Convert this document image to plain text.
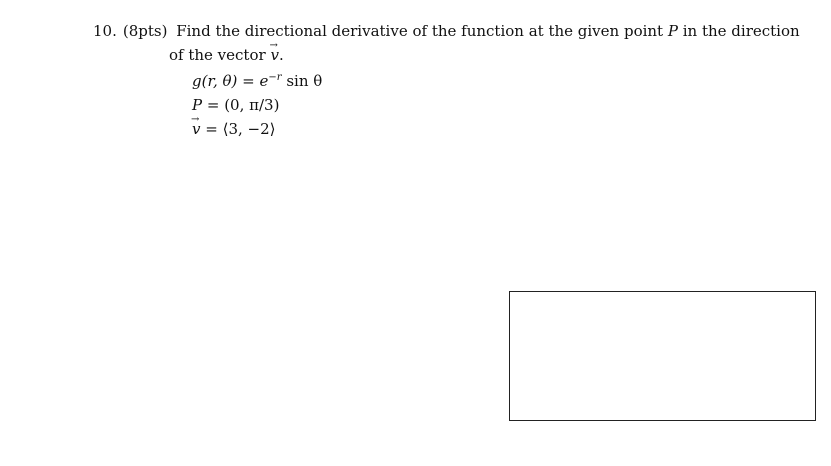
10. (8pts) Find the directional derivative of the function at the given point P in the direction
of the vector → v.
g(r, $\theta) = e^{-r}$ sin θ
P = (0, π/3)
→ v = ⟨3, −2⟩
